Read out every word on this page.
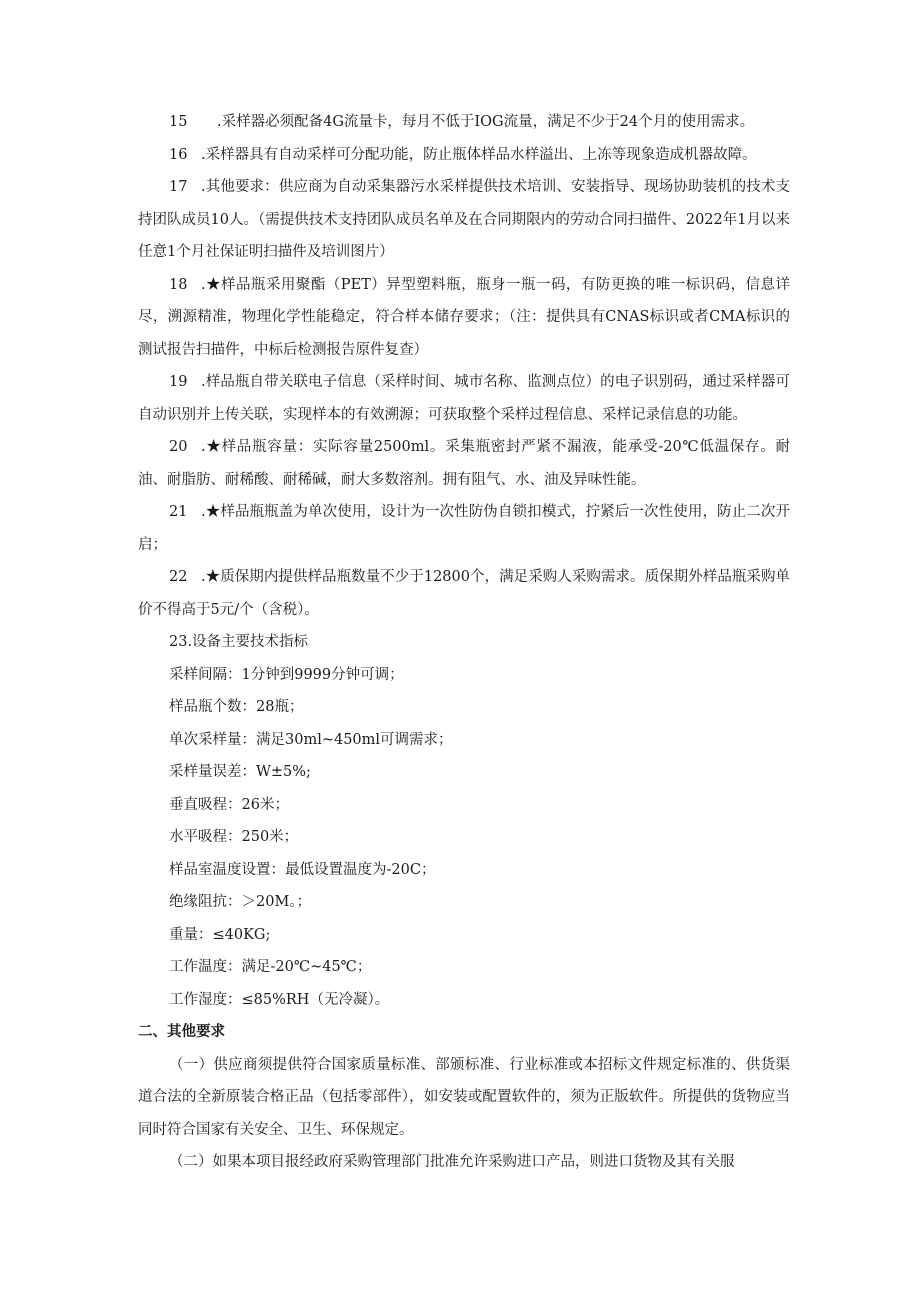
15 .采样器必须配备4G流量卡，每月不低于IOG流量，满足不少于24个月的使用需求。

16 .采样器具有自动采样可分配功能，防止瓶体样品水样溢出、上冻等现象造成机器故障。

17 .其他要求：供应商为自动采集器污水采样提供技术培训、安装指导、现场协助装机的技术支持团队成员10人。（需提供技术支持团队成员名单及在合同期限内的劳动合同扫描件、2022年1月以来任意1个月社保证明扫描件及培训图片）

18 .★样品瓶采用聚酯（PET）异型塑料瓶，瓶身一瓶一码，有防更换的唯一标识码，信息详尽，溯源精准，物理化学性能稳定，符合样本储存要求；（注：提供具有CNAS标识或者CMA标识的测试报告扫描件，中标后检测报告原件复查）

19 .样品瓶自带关联电子信息（采样时间、城市名称、监测点位）的电子识别码，通过采样器可自动识别并上传关联，实现样本的有效溯源；可获取整个采样过程信息、采样记录信息的功能。

20 .★样品瓶容量：实际容量2500ml。采集瓶密封严紧不漏液，能承受-20℃低温保存。耐油、耐脂肪、耐稀酸、耐稀碱，耐大多数溶剂。拥有阻气、水、油及异味性能。

21 .★样品瓶瓶盖为单次使用，设计为一次性防伪自锁扣模式，拧紧后一次性使用，防止二次开启；

22 .★质保期内提供样品瓶数量不少于12800个，满足采购人采购需求。质保期外样品瓶采购单价不得高于5元/个（含税）。

23.设备主要技术指标

采样间隔：1分钟到9999分钟可调；

样品瓶个数：28瓶；

单次采样量：满足30ml~450ml可调需求；

采样量误差：W±5%;

垂直吸程：26米；

水平吸程：250米；

样品室温度设置：最低设置温度为-20C；

绝缘阻抗：＞20M。；

重量：≤40KG;

工作温度：满足-20℃~45℃；

工作湿度：≤85%RH（无冷凝）。

二、其他要求

（一）供应商须提供符合国家质量标准、部颁标准、行业标准或本招标文件规定标准的、供货渠道合法的全新原装合格正品（包括零部件），如安装或配置软件的，须为正版软件。所提供的货物应当同时符合国家有关安全、卫生、环保规定。

（二）如果本项目报经政府采购管理部门批准允许采购进口产品，则进口货物及其有关服
